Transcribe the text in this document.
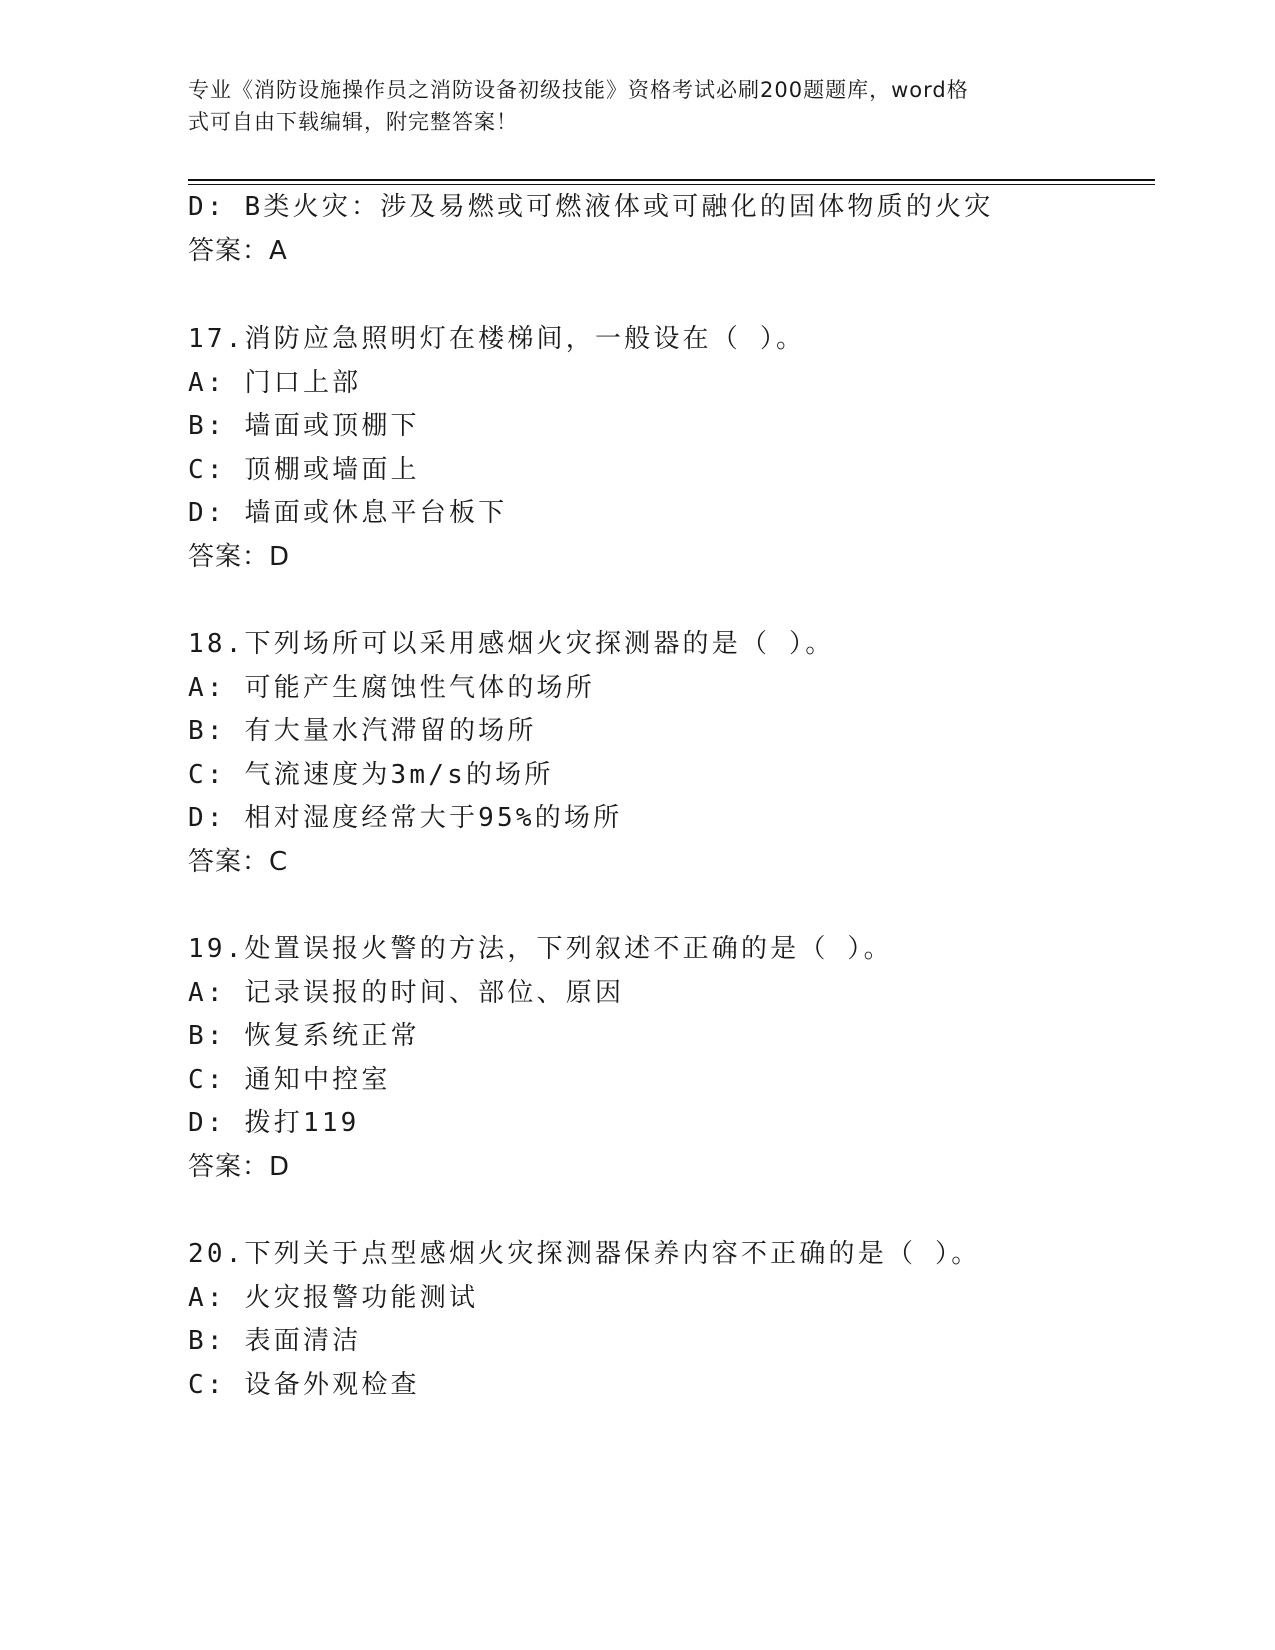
专业《消防设施操作员之消防设备初级技能》资格考试必刷200题题库，word格
式可自由下载编辑，附完整答案！
D: B类火灾：涉及易燃或可燃液体或可融化的固体物质的火灾
答案：A
17.消防应急照明灯在楼梯间，一般设在（ ）。
A: 门口上部
B: 墙面或顶棚下
C: 顶棚或墙面上
D: 墙面或休息平台板下
答案：D
18.下列场所可以采用感烟火灾探测器的是（ ）。
A: 可能产生腐蚀性气体的场所
B: 有大量水汽滞留的场所
C: 气流速度为3m/s的场所
D: 相对湿度经常大于95%的场所
答案：C
19.处置误报火警的方法，下列叙述不正确的是（ ）。
A: 记录误报的时间、部位、原因
B: 恢复系统正常
C: 通知中控室
D: 拨打119
答案：D
20.下列关于点型感烟火灾探测器保养内容不正确的是（ ）。
A: 火灾报警功能测试
B: 表面清洁
C: 设备外观检查
